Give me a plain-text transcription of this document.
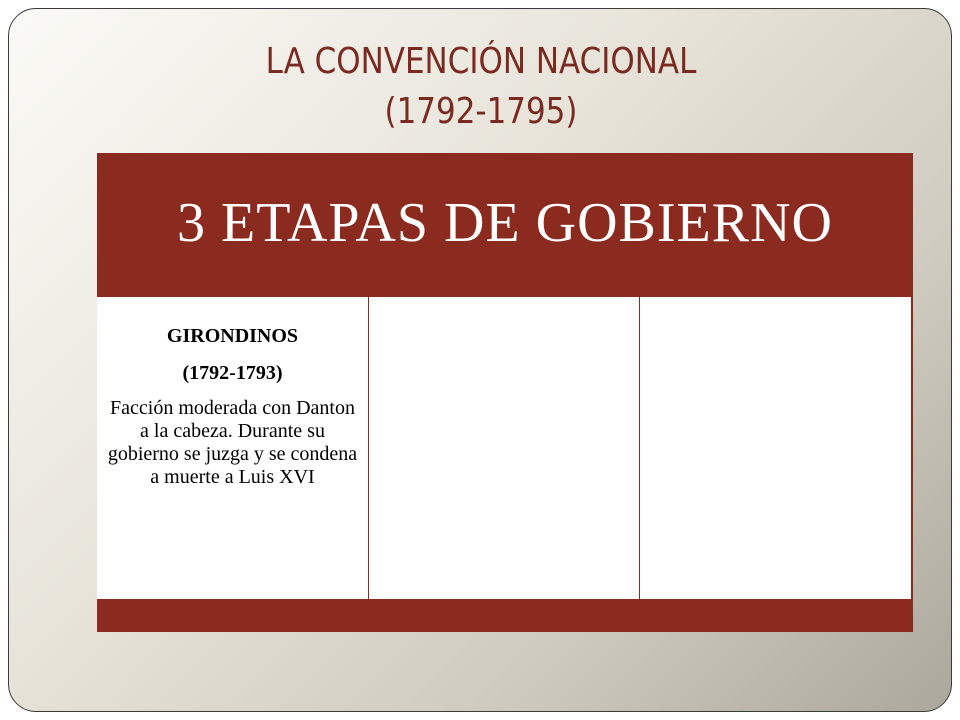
LA CONVENCIÓN NACIONAL
(1792-1795)
3 ETAPAS DE GOBIERNO
GIRONDINOS
(1792-1793)
Facción moderada con Danton a la cabeza. Durante su gobierno se juzga y se condena a muerte a Luis XVI
